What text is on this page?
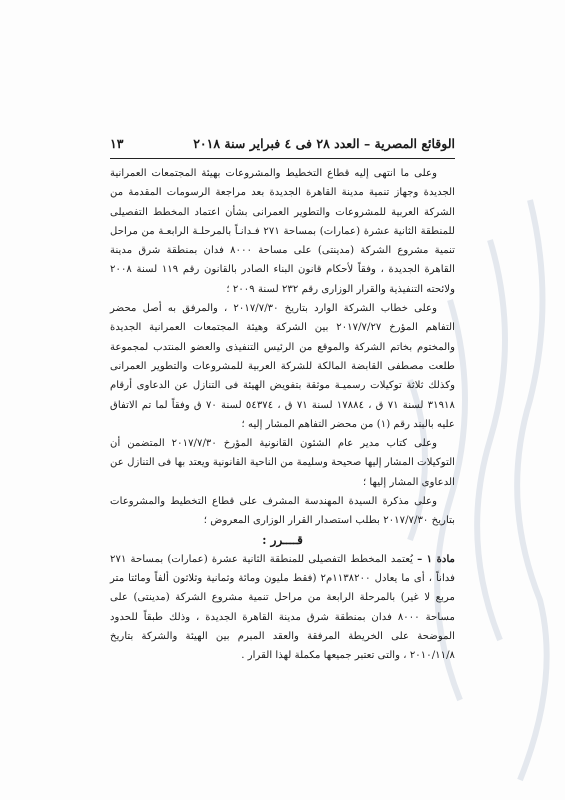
الوقائع المصرية – العدد ٢٨ فى ٤ فبراير سنة ٢٠١٨
١٣

وعلى ما انتهى إليه قطاع التخطيط والمشروعات بهيئة المجتمعات العمرانية الجديدة وجهاز تنمية مدينة القاهرة الجديدة بعد مراجعة الرسومات المقدمة من الشركة العربية للمشروعات والتطوير العمرانى بشأن اعتماد المخطط التفصيلى للمنطقة الثانية عشرة (عمارات) بمساحة ٢٧١ فـدانـاً بالمرحلـة الرابعـة من مراحل تنمية مشروع الشركة (مدينتى) على مساحة ٨٠٠٠ فدان بمنطقة شرق مدينة القاهرة الجديدة ، وفقاً لأحكام قانون البناء الصادر بالقانون رقم ١١٩ لسنة ٢٠٠٨ ولائحته التنفيذية والقرار الوزارى رقم ٢٣٢ لسنة ٢٠٠٩ ؛

وعلى خطاب الشركة الوارد بتاريخ ٢٠١٧/٧/٣٠ ، والمرفق به أصل محضر التفاهم المؤرخ ٢٠١٧/٧/٢٧ بين الشركة وهيئة المجتمعات العمرانية الجديدة والمختوم بخاتم الشركة والموقع من الرئيس التنفيذى والعضو المنتدب لمجموعة طلعت مصطفى القابضة المالكة للشركة العربية للمشروعات والتطوير العمرانى وكذلك ثلاثة توكيلات رسميـة موثقة بتفويض الهيئة فى التنازل عن الدعاوى أرقام ٣١٩١٨ لسنة ٧١ ق ، ١٧٨٨٤ لسنة ٧١ ق ، ٥٤٣٧٤ لسنة ٧٠ ق وفقاً لما تم الاتفاق عليه بالبند رقم (١) من محضر التفاهم المشار إليه ؛

وعلى كتاب مدير عام الشئون القانونية المؤرخ ٢٠١٧/٧/٣٠ المتضمن أن التوكيلات المشار إليها صحيحة وسليمة من الناحية القانونية ويعتد بها فى التنازل عن الدعاوى المشار إليها ؛

وعلى مذكرة السيدة المهندسة المشرف على قطاع التخطيط والمشروعات بتاريخ ٢٠١٧/٧/٣٠ بطلب استصدار القرار الوزارى المعروض ؛

قــــرر :

مادة ١ – يُعتمد المخطط التفصيلى للمنطقة الثانية عشرة (عمارات) بمساحة ٢٧١ فداناً ، أى ما يعادل ١١٣٨٢٠٠م٢ (فقط مليون ومائة وثمانية وثلاثون ألفاً ومائتا متر مربع لا غير) بالمرحلة الرابعة من مراحل تنمية مشروع الشركة (مدينتى) على مساحة ٨٠٠٠ فدان بمنطقة شرق مدينة القاهرة الجديدة ، وذلك طبقاً للحدود الموضحة على الخريطة المرفقة والعقد المبرم بين الهيئة والشركة بتاريخ ٢٠١٠/١١/٨ ، والتى تعتبر جميعها مكملة لهذا القرار .
